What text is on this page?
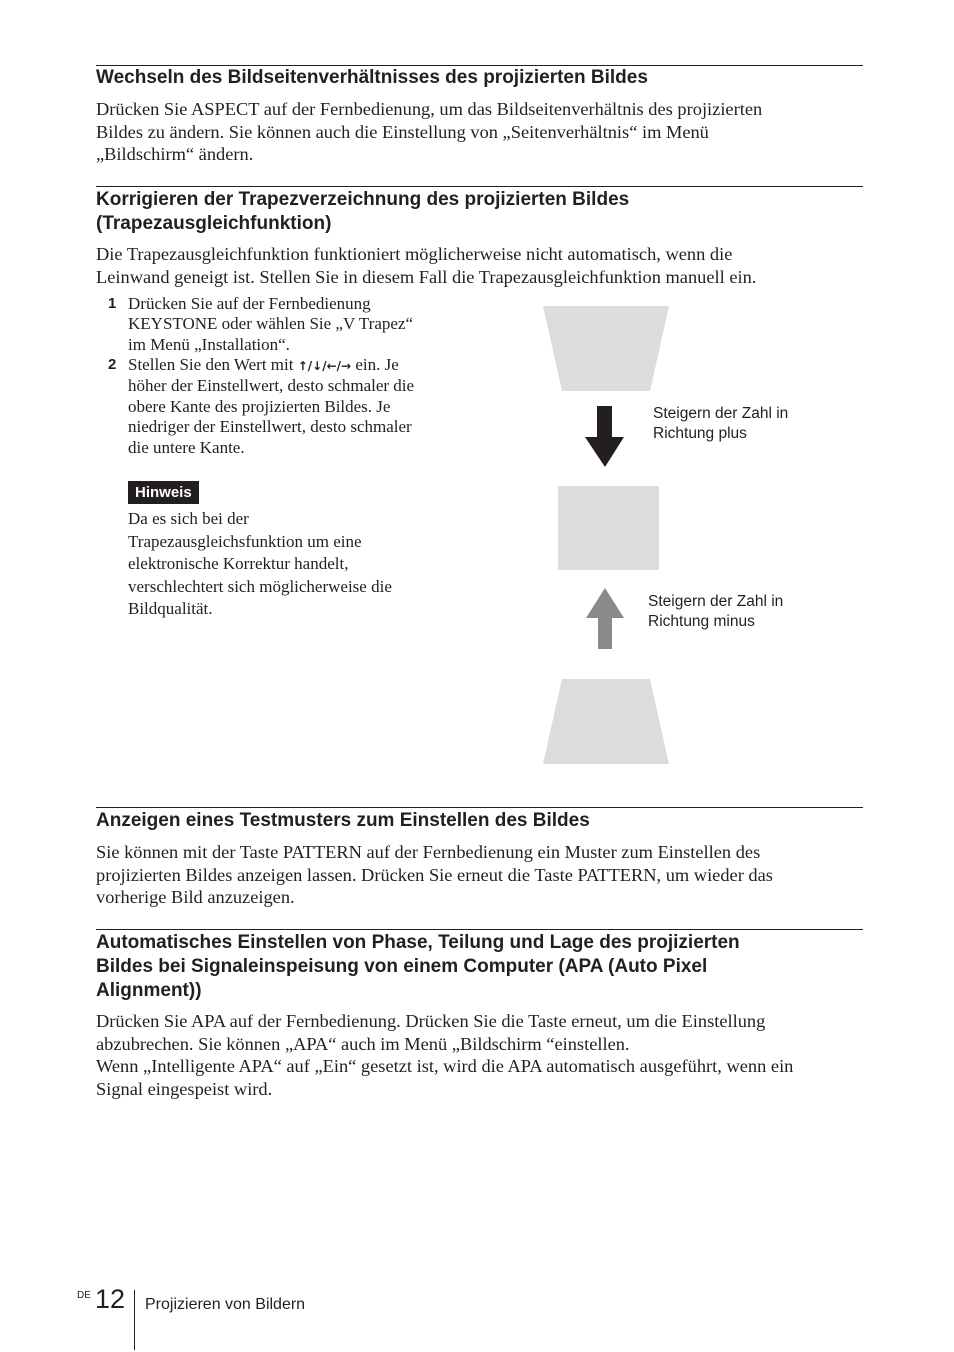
Wechseln des Bildseitenverhältnisses des projizierten Bildes
Drücken Sie ASPECT auf der Fernbedienung, um das Bildseitenverhältnis des projizierten
Bildes zu ändern. Sie können auch die Einstellung von „Seitenverhältnis“ im Menü
„Bildschirm“ ändern.
Korrigieren der Trapezverzeichnung des projizierten Bildes
(Trapezausgleichfunktion)
Die Trapezausgleichfunktion funktioniert möglicherweise nicht automatisch, wenn die
Leinwand geneigt ist. Stellen Sie in diesem Fall die Trapezausgleichfunktion manuell ein.
1 Drücken Sie auf der Fernbedienung
KEYSTONE oder wählen Sie „V Trapez“
im Menü „Installation“.
2 Stellen Sie den Wert mit ↑/↓/←/→ ein. Je
höher der Einstellwert, desto schmaler die
obere Kante des projizierten Bildes. Je
niedriger der Einstellwert, desto schmaler
die untere Kante.
Hinweis
Da es sich bei der
Trapezausgleichsfunktion um eine
elektronische Korrektur handelt,
verschlechtert sich möglicherweise die
Bildqualität.
Steigern der Zahl in
Richtung plus
Steigern der Zahl in
Richtung minus
Anzeigen eines Testmusters zum Einstellen des Bildes
Sie können mit der Taste PATTERN auf der Fernbedienung ein Muster zum Einstellen des
projizierten Bildes anzeigen lassen. Drücken Sie erneut die Taste PATTERN, um wieder das
vorherige Bild anzuzeigen.
Automatisches Einstellen von Phase, Teilung und Lage des projizierten
Bildes bei Signaleinspeisung von einem Computer (APA (Auto Pixel
Alignment))
Drücken Sie APA auf der Fernbedienung. Drücken Sie die Taste erneut, um die Einstellung
abzubrechen. Sie können „APA“ auch im Menü „Bildschirm “einstellen.
Wenn „Intelligente APA“ auf „Ein“ gesetzt ist, wird die APA automatisch ausgeführt, wenn ein
Signal eingespeist wird.
DE 12 Projizieren von Bildern
